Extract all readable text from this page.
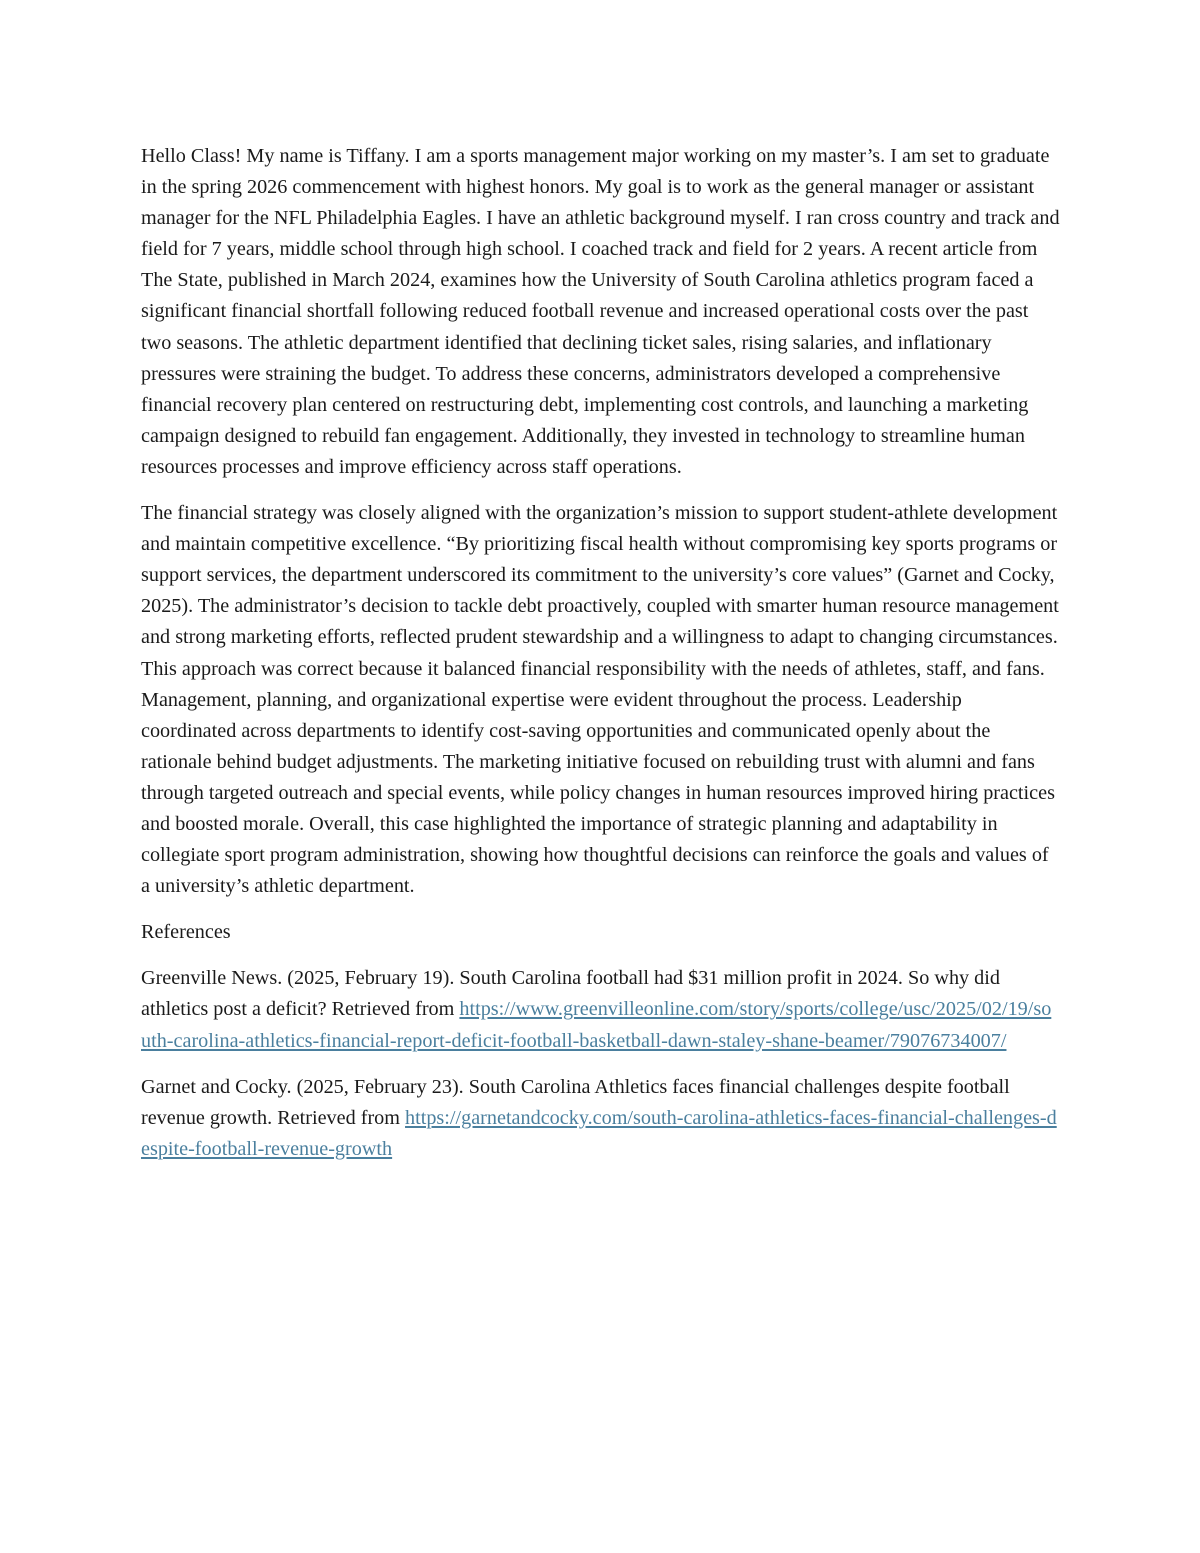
Hello Class! My name is Tiffany. I am a sports management major working on my master’s. I am set to graduate in the spring 2026 commencement with highest honors. My goal is to work as the general manager or assistant manager for the NFL Philadelphia Eagles. I have an athletic background myself. I ran cross country and track and field for 7 years, middle school through high school. I coached track and field for 2 years. A recent article from The State, published in March 2024, examines how the University of South Carolina athletics program faced a significant financial shortfall following reduced football revenue and increased operational costs over the past two seasons. The athletic department identified that declining ticket sales, rising salaries, and inflationary pressures were straining the budget. To address these concerns, administrators developed a comprehensive financial recovery plan centered on restructuring debt, implementing cost controls, and launching a marketing campaign designed to rebuild fan engagement. Additionally, they invested in technology to streamline human resources processes and improve efficiency across staff operations.

The financial strategy was closely aligned with the organization’s mission to support student-athlete development and maintain competitive excellence. “By prioritizing fiscal health without compromising key sports programs or support services, the department underscored its commitment to the university’s core values” (Garnet and Cocky, 2025). The administrator’s decision to tackle debt proactively, coupled with smarter human resource management and strong marketing efforts, reflected prudent stewardship and a willingness to adapt to changing circumstances. This approach was correct because it balanced financial responsibility with the needs of athletes, staff, and fans. Management, planning, and organizational expertise were evident throughout the process. Leadership coordinated across departments to identify cost-saving opportunities and communicated openly about the rationale behind budget adjustments. The marketing initiative focused on rebuilding trust with alumni and fans through targeted outreach and special events, while policy changes in human resources improved hiring practices and boosted morale. Overall, this case highlighted the importance of strategic planning and adaptability in collegiate sport program administration, showing how thoughtful decisions can reinforce the goals and values of a university’s athletic department.

References

Greenville News. (2025, February 19). South Carolina football had $31 million profit in 2024. So why did athletics post a deficit? Retrieved from https://www.greenvilleonline.com/story/sports/college/usc/2025/02/19/south-carolina-athletics-financial-report-deficit-football-basketball-dawn-staley-shane-beamer/79076734007/

Garnet and Cocky. (2025, February 23). South Carolina Athletics faces financial challenges despite football revenue growth. Retrieved from https://garnetandcocky.com/south-carolina-athletics-faces-financial-challenges-despite-football-revenue-growth
